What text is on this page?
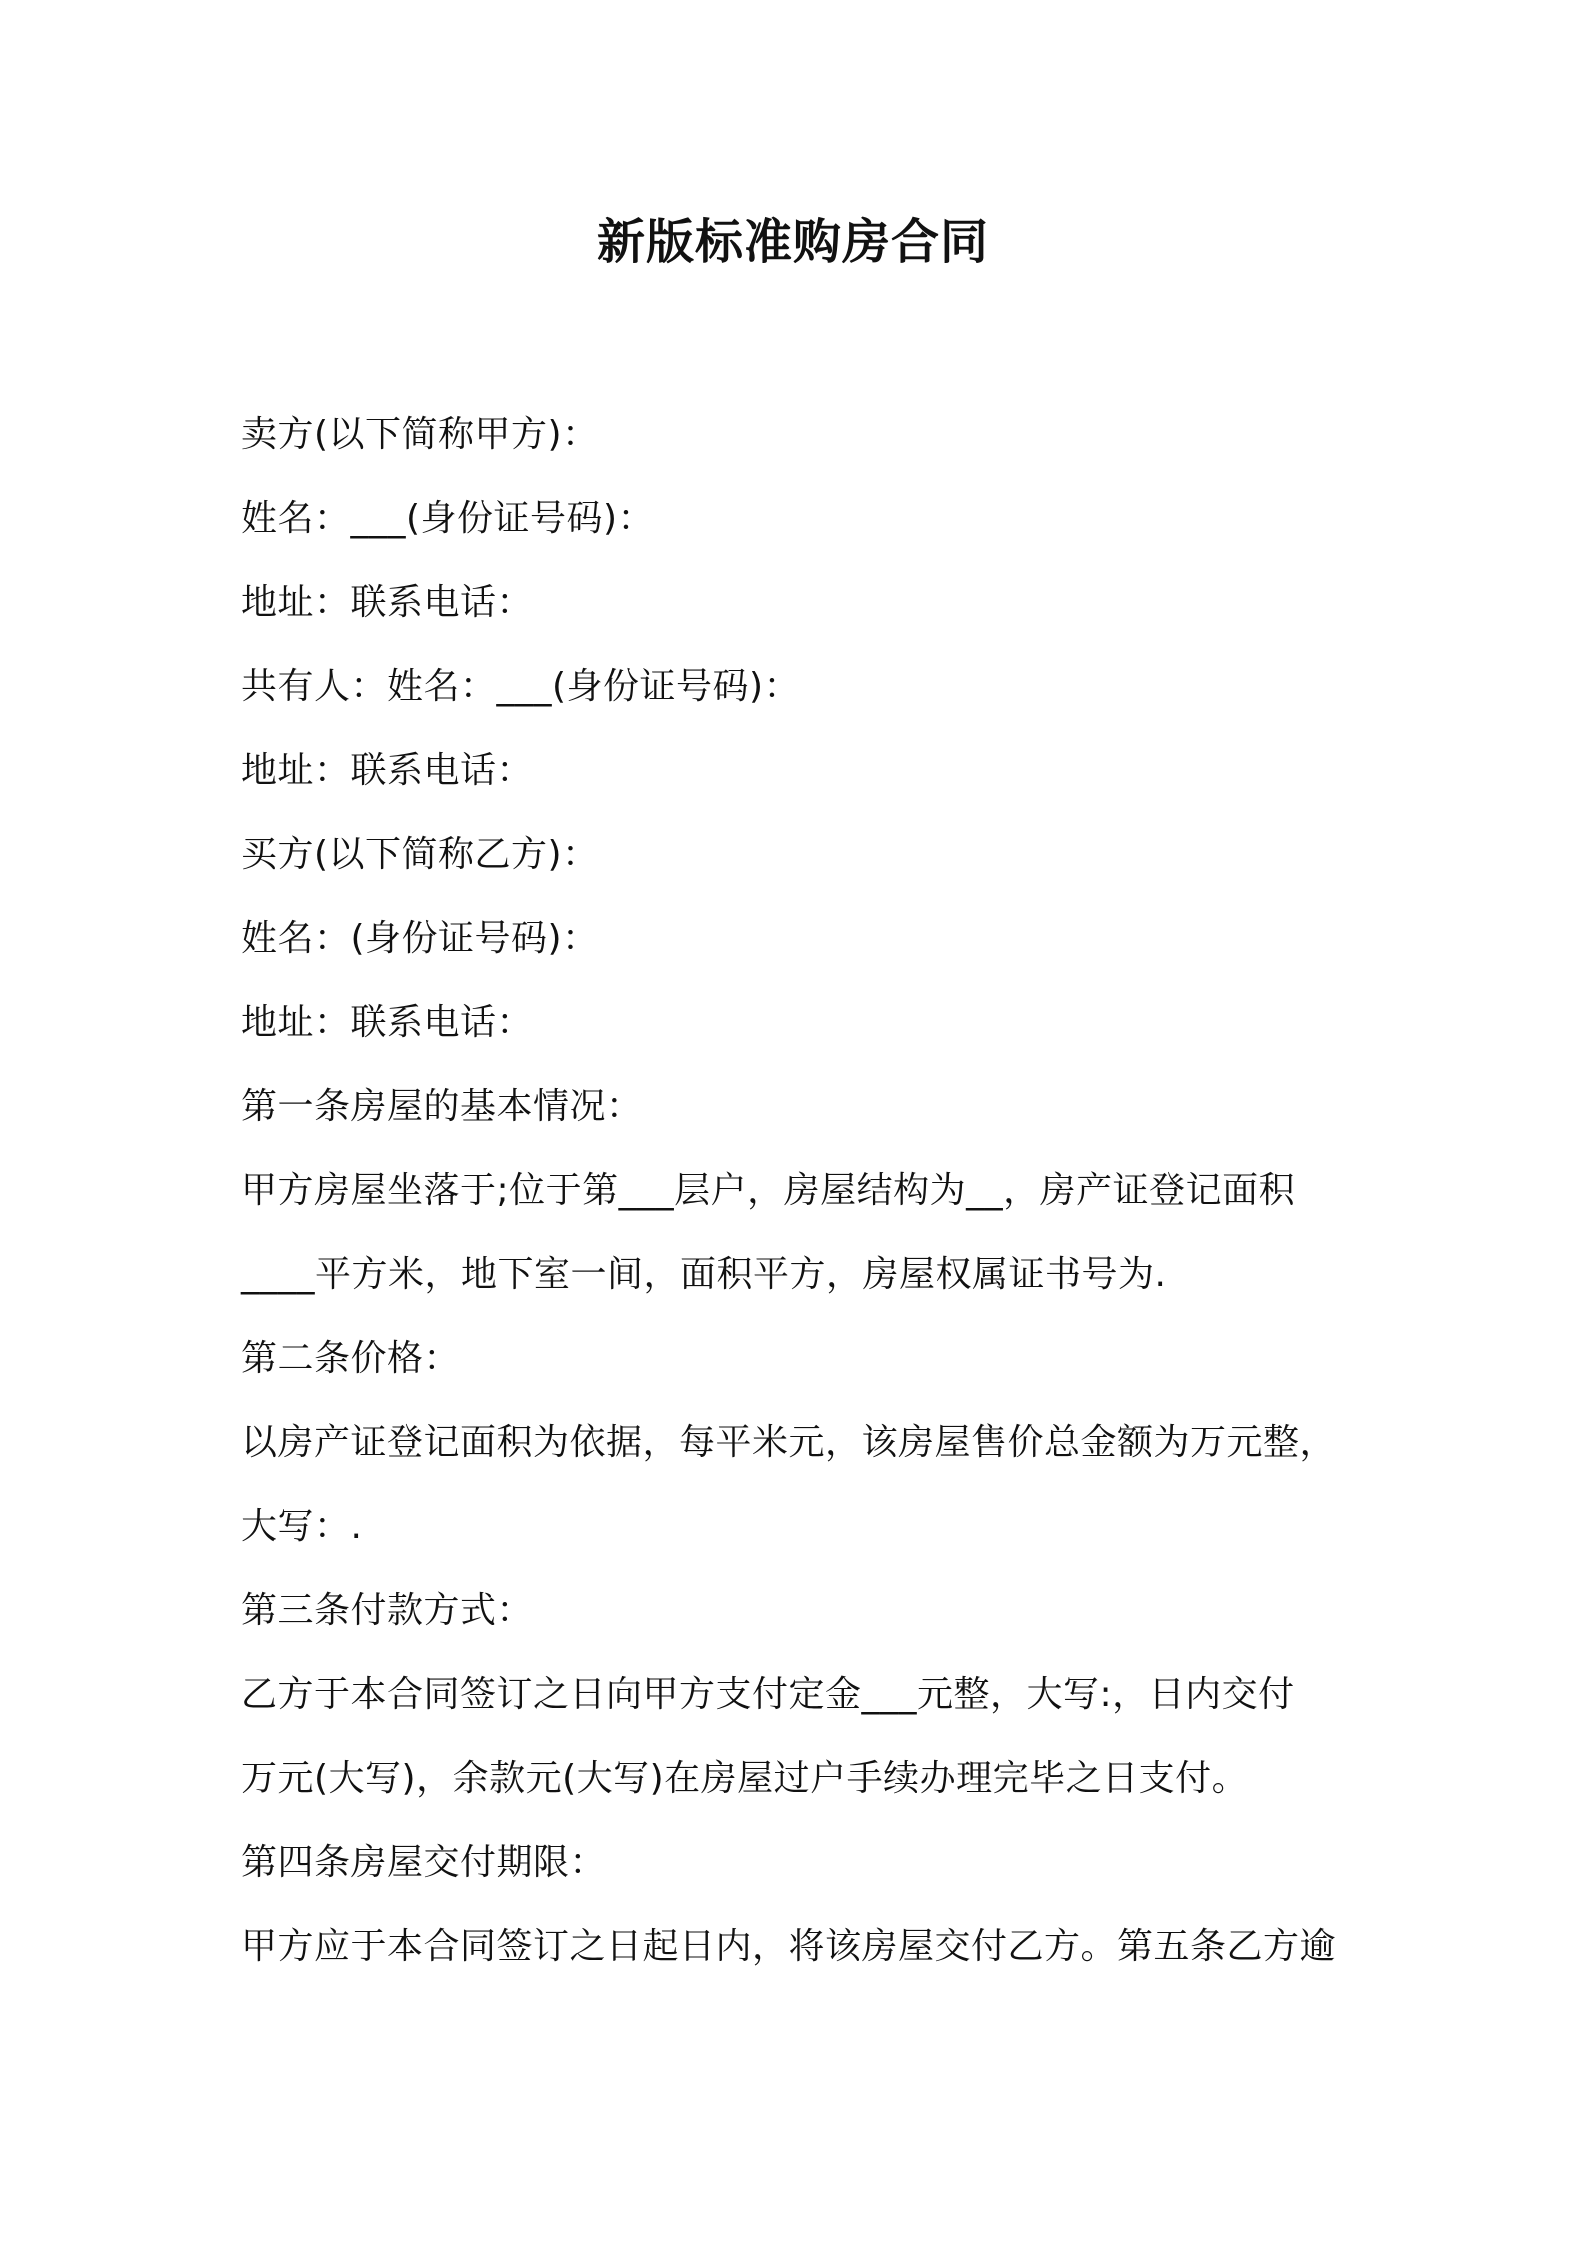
新版标准购房合同
卖方(以下简称甲方)：
姓名：___(身份证号码)：
地址：联系电话：
共有人：姓名：___(身份证号码)：
地址：联系电话：
买方(以下简称乙方)：
姓名：(身份证号码)：
地址：联系电话：
第一条房屋的基本情况：
甲方房屋坐落于;位于第___层户，房屋结构为__，房产证登记面积
____平方米，地下室一间，面积平方，房屋权属证书号为.
第二条价格：
以房产证登记面积为依据，每平米元，该房屋售价总金额为万元整，
大写：.
第三条付款方式：
乙方于本合同签订之日向甲方支付定金___元整，大写:，日内交付
万元(大写)，余款元(大写)在房屋过户手续办理完毕之日支付。
第四条房屋交付期限：
甲方应于本合同签订之日起日内，将该房屋交付乙方。第五条乙方逾
